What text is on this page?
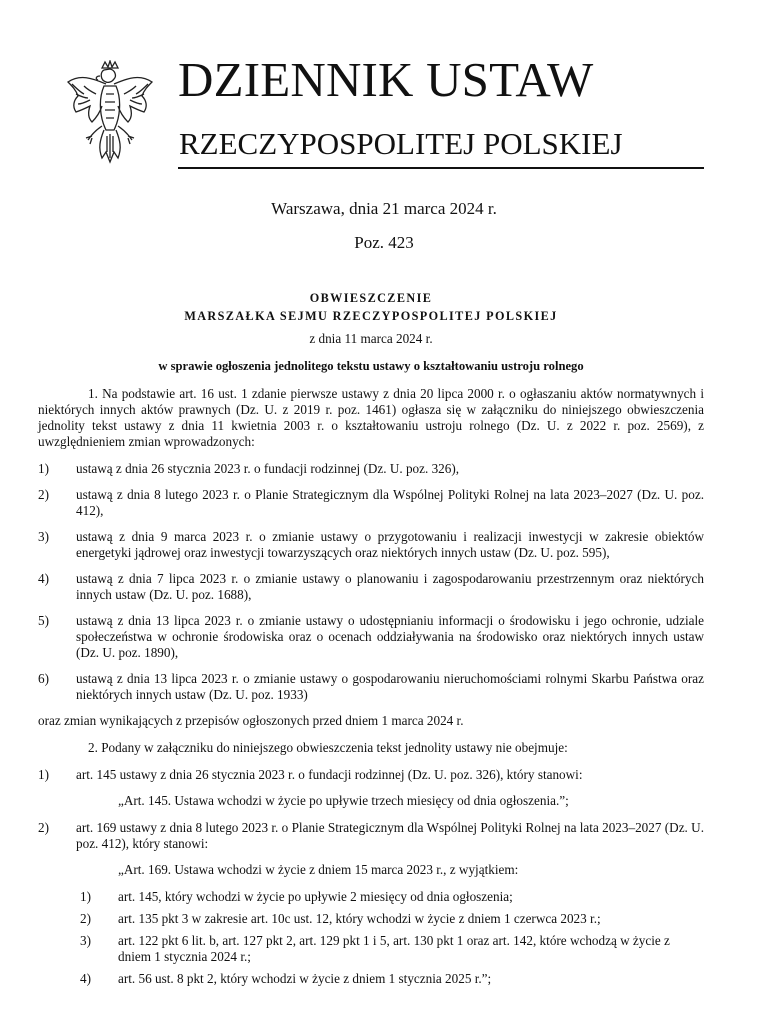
DZIENNIK USTAW
RZECZYPOSPOLITEJ POLSKIEJ
Warszawa, dnia 21 marca 2024 r.
Poz. 423

OBWIESZCZENIE

MARSZAŁKA SEJMU RZECZYPOSPOLITEJ POLSKIEJ

z dnia 11 marca 2024 r.

w sprawie ogłoszenia jednolitego tekstu ustawy o kształtowaniu ustroju rolnego

1. Na podstawie art. 16 ust. 1 zdanie pierwsze ustawy z dnia 20 lipca 2000 r. o ogłaszaniu aktów normatywnych i niektórych innych aktów prawnych (Dz. U. z 2019 r. poz. 1461) ogłasza się w załączniku do niniejszego obwieszczenia jednolity tekst ustawy z dnia 11 kwietnia 2003 r. o kształtowaniu ustroju rolnego (Dz. U. z 2022 r. poz. 2569), z uwzględnieniem zmian wprowadzonych:

1)	ustawą z dnia 26 stycznia 2023 r. o fundacji rodzinnej (Dz. U. poz. 326),
2)	ustawą z dnia 8 lutego 2023 r. o Planie Strategicznym dla Wspólnej Polityki Rolnej na lata 2023–2027 (Dz. U. poz. 412),
3)	ustawą z dnia 9 marca 2023 r. o zmianie ustawy o przygotowaniu i realizacji inwestycji w zakresie obiektów energetyki jądrowej oraz inwestycji towarzyszących oraz niektórych innych ustaw (Dz. U. poz. 595),
4)	ustawą z dnia 7 lipca 2023 r. o zmianie ustawy o planowaniu i zagospodarowaniu przestrzennym oraz niektórych innych ustaw (Dz. U. poz. 1688),
5)	ustawą z dnia 13 lipca 2023 r. o zmianie ustawy o udostępnianiu informacji o środowisku i jego ochronie, udziale społeczeństwa w ochronie środowiska oraz o ocenach oddziaływania na środowisko oraz niektórych innych ustaw (Dz. U. poz. 1890),
6)	ustawą z dnia 13 lipca 2023 r. o zmianie ustawy o gospodarowaniu nieruchomościami rolnymi Skarbu Państwa oraz niektórych innych ustaw (Dz. U. poz. 1933)

oraz zmian wynikających z przepisów ogłoszonych przed dniem 1 marca 2024 r.

2. Podany w załączniku do niniejszego obwieszczenia tekst jednolity ustawy nie obejmuje:

1)	art. 145 ustawy z dnia 26 stycznia 2023 r. o fundacji rodzinnej (Dz. U. poz. 326), który stanowi:

„Art. 145. Ustawa wchodzi w życie po upływie trzech miesięcy od dnia ogłoszenia.”;

2)	art. 169 ustawy z dnia 8 lutego 2023 r. o Planie Strategicznym dla Wspólnej Polityki Rolnej na lata 2023–2027 (Dz. U. poz. 412), który stanowi:

„Art. 169. Ustawa wchodzi w życie z dniem 15 marca 2023 r., z wyjątkiem:

1)	art. 145, który wchodzi w życie po upływie 2 miesięcy od dnia ogłoszenia;
2)	art. 135 pkt 3 w zakresie art. 10c ust. 12, który wchodzi w życie z dniem 1 czerwca 2023 r.;
3)	art. 122 pkt 6 lit. b, art. 127 pkt 2, art. 129 pkt 1 i 5, art. 130 pkt 1 oraz art. 142, które wchodzą w życie z dniem 1 stycznia 2024 r.;
4)	art. 56 ust. 8 pkt 2, który wchodzi w życie z dniem 1 stycznia 2025 r.”;
